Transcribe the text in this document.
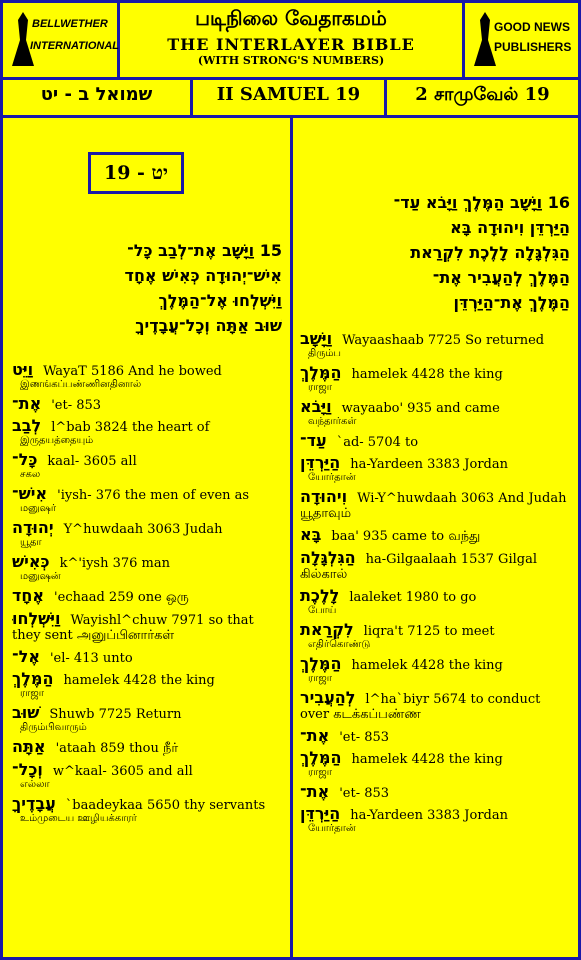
BELLWETHER
INTERNATIONAL
படிநிலை வேதாகமம்
THE INTERLAYER BIBLE
(WITH STRONG'S NUMBERS)
GOOD NEWS
PUBLISHERS
שמואל ב - יט	II SAMUEL 19	2 சாமுவேல் 19
יט - 19
15 וַיָּשָׁב אֶת־לְבַב כָּל־
אִישׁ־יְהוּדָה כְּאִישׁ אֶחָד
וַיִּשְׁלְחוּ אֶל־הַמֶּלֶךְ
שׁוּב אַתָּה וְכָל־עֲבָדֶיךָ
וַיֵּט WayaT 5186 And he bowed
இணங்கப்பண்ணினதினால்
אֶת־ 'et- 853
לְבַב l^bab 3824 the heart of
இருதயத்தையும்
כָּל־ kaal- 3605 all
சகல
אִישׁ־ 'iysh- 376 the men of even as
மனுஷர்
יְהוּדָה Y^huwdaah 3063 Judah
யூதா
כְּאִישׁ k^'iysh 376 man
மனுஷன்
אֶחָד 'echaad 259 one ஒரு
וַיִּשְׁלְחוּ Wayishl^chuw 7971 so that they sent அனுப்பினார்கள்
אֶל־ 'el- 413 unto
הַמֶּלֶךְ hamelek 4428 the king
ராஜா
שׁוּב Shuwb 7725 Return
திரும்பிவாரும்
אַתָּה 'ataah 859 thou நீர்
וְכָל־ w^kaal- 3605 and all
எல்லா
עֲבָדֶיךָ `baadeykaa 5650 thy servants
உம்முடைய ஊழியக்காரர்
16 וַיָּשָׁב הַמֶּלֶךְ וַיָּבֹא עַד־
הַיַּרְדֵּן וִיהוּדָה בָּא
הַגִּלְגָּלָה לָלֶכֶת לִקְרַאת
הַמֶּלֶךְ לְהַעֲבִיר אֶת־
הַמֶּלֶךְ אֶת־הַיַּרְדֵּן
וַיָּשָׁב Wayaashaab 7725 So returned
திரும்ப
הַמֶּלֶךְ hamelek 4428 the king
ராஜா
וַיָּבֹא wayaabo' 935 and came
வந்தார்கள்
עַד־ `ad- 5704 to
הַיַּרְדֵּן ha-Yardeen 3383 Jordan
யோர்தான்
וִיהוּדָה Wi-Y^huwdaah 3063 And Judah யூதாவும்
בָּא baa' 935 came to வந்து
הַגִּלְגָּלָה ha-Gilgaalaah 1537 Gilgal கில்கால்
לָלֶכֶת laaleket 1980 to go
போய்
לִקְרַאת liqra't 7125 to meet
எதிர்கொண்டு
הַמֶּלֶךְ hamelek 4428 the king
ராஜா
לְהַעֲבִיר l^ha`biyr 5674 to conduct over கடக்கப்பண்ண
אֶת־ 'et- 853
הַמֶּלֶךְ hamelek 4428 the king
ராஜா
אֶת־ 'et- 853
הַיַּרְדֵּן ha-Yardeen 3383 Jordan
யோர்தான்
